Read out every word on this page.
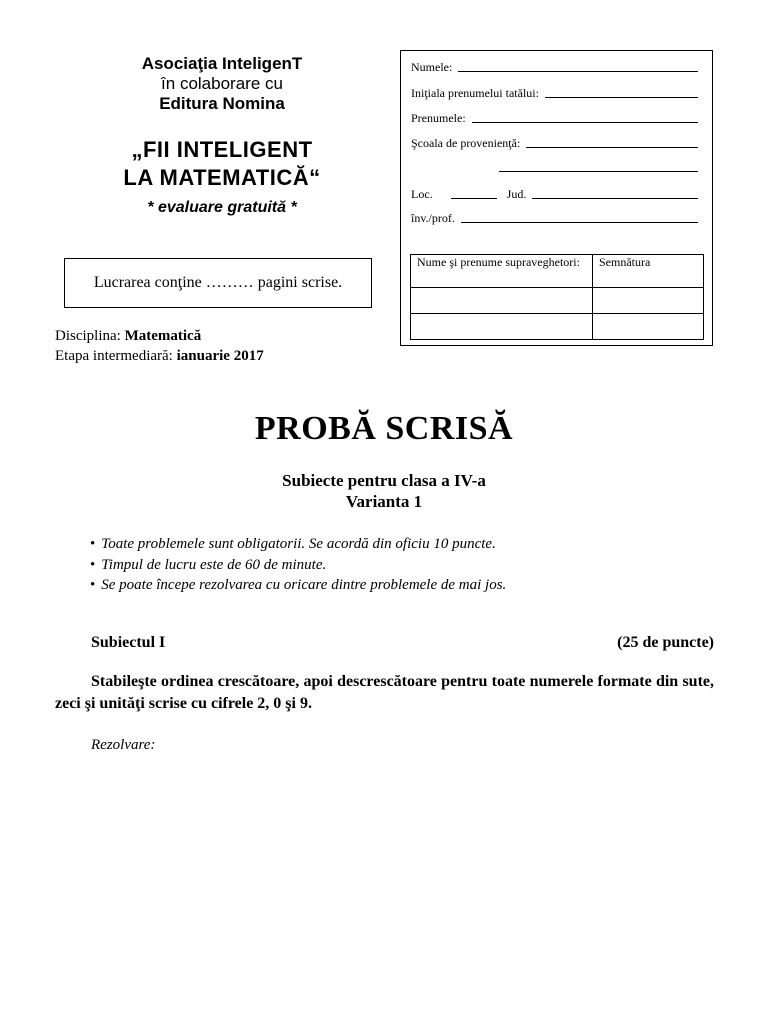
Asociaţia InteligenT
în colaborare cu
Editura Nomina
„FII INTELIGENT
LA MATEMATICĂ“
* evaluare gratuită *
Lucrarea conţine ……… pagini scrise.
Disciplina: Matematică
Etapa intermediară: ianuarie 2017
Numele:
Iniţiala prenumelui tatălui:
Prenumele:
Şcoala de provenienţă:
Loc.	Jud.
înv./prof.
Nume şi prenume supraveghetori:	Semnătura

PROBĂ SCRISĂ
Subiecte pentru clasa a IV-a
Varianta 1
• Toate problemele sunt obligatorii. Se acordă din oficiu 10 puncte.
• Timpul de lucru este de 60 de minute.
• Se poate începe rezolvarea cu oricare dintre problemele de mai jos.
Subiectul I	(25 de puncte)
Stabileşte ordinea crescătoare, apoi descrescătoare pentru toate numerele formate din sute, zeci şi unităţi scrise cu cifrele 2, 0 şi 9.
Rezolvare:
